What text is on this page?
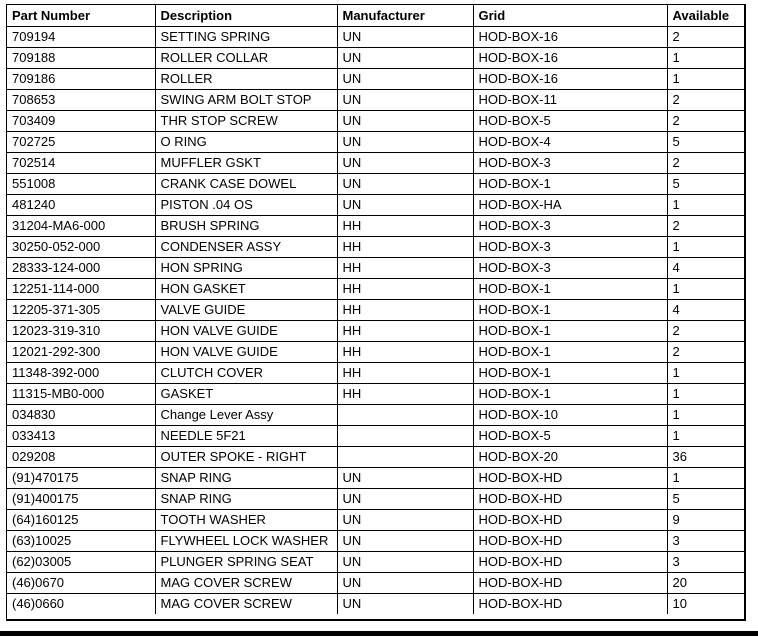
Part Number	Description	Manufacturer	Grid	Available
709194	SETTING SPRING	UN	HOD-BOX-16	2
709188	ROLLER COLLAR	UN	HOD-BOX-16	1
709186	ROLLER	UN	HOD-BOX-16	1
708653	SWING ARM BOLT STOP	UN	HOD-BOX-11	2
703409	THR STOP SCREW	UN	HOD-BOX-5	2
702725	O RING	UN	HOD-BOX-4	5
702514	MUFFLER GSKT	UN	HOD-BOX-3	2
551008	CRANK CASE DOWEL	UN	HOD-BOX-1	5
481240	PISTON .04 OS	UN	HOD-BOX-HA	1
31204-MA6-000	BRUSH SPRING	HH	HOD-BOX-3	2
30250-052-000	CONDENSER ASSY	HH	HOD-BOX-3	1
28333-124-000	HON SPRING	HH	HOD-BOX-3	4
12251-114-000	HON GASKET	HH	HOD-BOX-1	1
12205-371-305	VALVE GUIDE	HH	HOD-BOX-1	4
12023-319-310	HON VALVE GUIDE	HH	HOD-BOX-1	2
12021-292-300	HON VALVE GUIDE	HH	HOD-BOX-1	2
11348-392-000	CLUTCH COVER	HH	HOD-BOX-1	1
11315-MB0-000	GASKET	HH	HOD-BOX-1	1
034830	Change Lever Assy		HOD-BOX-10	1
033413	NEEDLE 5F21		HOD-BOX-5	1
029208	OUTER SPOKE - RIGHT		HOD-BOX-20	36
(91)470175	SNAP RING	UN	HOD-BOX-HD	1
(91)400175	SNAP RING	UN	HOD-BOX-HD	5
(64)160125	TOOTH WASHER	UN	HOD-BOX-HD	9
(63)10025	FLYWHEEL LOCK WASHER	UN	HOD-BOX-HD	3
(62)03005	PLUNGER SPRING SEAT	UN	HOD-BOX-HD	3
(46)0670	MAG COVER SCREW	UN	HOD-BOX-HD	20
(46)0660	MAG COVER SCREW	UN	HOD-BOX-HD	10
